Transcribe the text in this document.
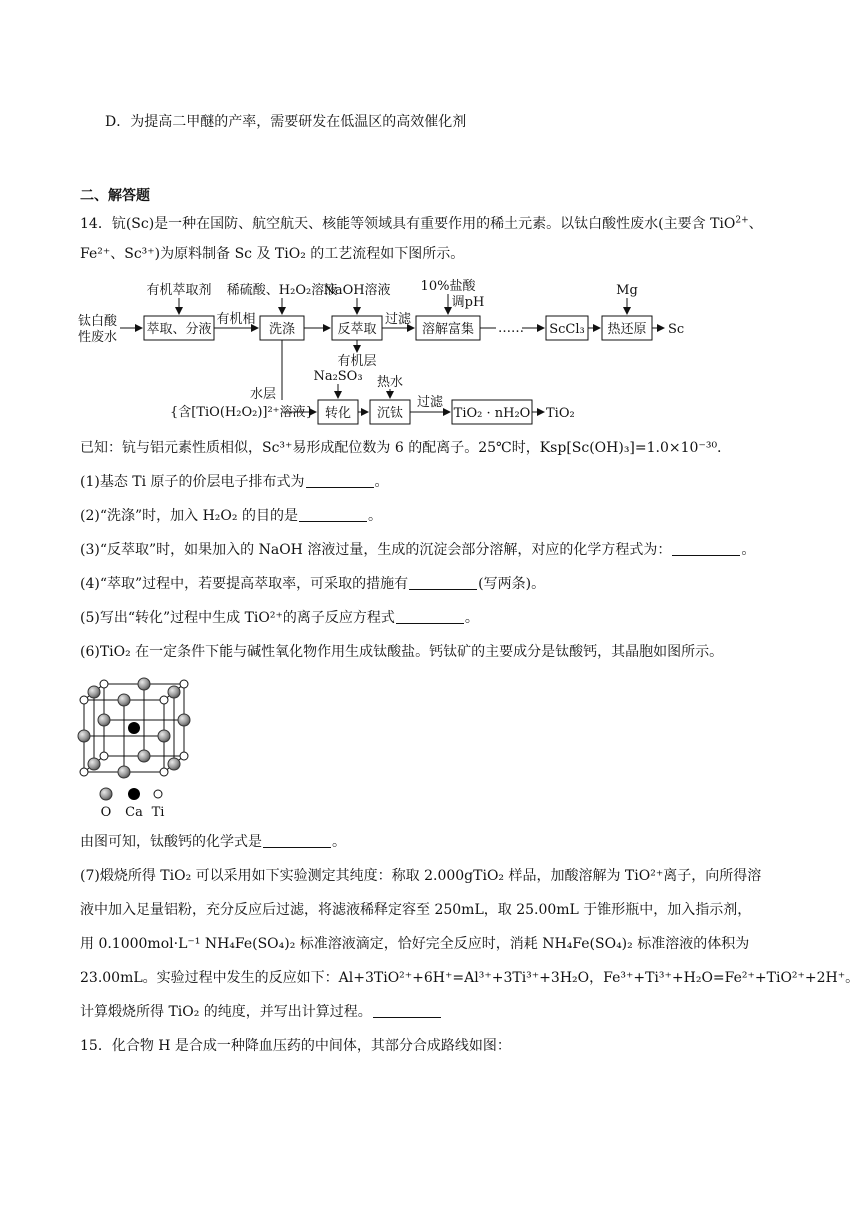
D．为提高二甲醚的产率，需要研发在低温区的高效催化剂
二、解答题
14．钪(Sc)是一种在国防、航空航天、核能等领域具有重要作用的稀土元素。以钛白酸性废水(主要含 TiO$^{2+}$、
Fe²⁺、Sc³⁺)为原料制备 Sc 及 TiO₂ 的工艺流程如下图所示。
钛白酸
性废水
萃取、分液
有机萃取剂
有机相
洗涤
稀硫酸、H₂O₂溶液
反萃取
NaOH溶液
有机层
过滤
溶解富集
10%盐酸
调pH
…… ScCl₃ 热还原
Mg
Sc
水层
{含[TiO(H₂O₂)]²⁺溶液} 转化
Na₂SO₃
沉钛
热水
过滤
TiO₂ · nH₂O TiO₂
已知：钪与铝元素性质相似，Sc³⁺易形成配位数为 6 的配离子。25℃时，Ksp[Sc(OH)₃]=1.0×10⁻³⁰.
(1)基态 Ti 原子的价层电子排布式为	。
(2)“洗涤”时，加入 H₂O₂ 的目的是	。
(3)“反萃取”时，如果加入的 NaOH 溶液过量，生成的沉淀会部分溶解，对应的化学方程式为：	。
(4)“萃取”过程中，若要提高萃取率，可采取的措施有	(写两条)。
(5)写出“转化”过程中生成 TiO²⁺的离子反应方程式	。
(6)TiO₂ 在一定条件下能与碱性氧化物作用生成钛酸盐。钙钛矿的主要成分是钛酸钙，其晶胞如图所示。
O Ca Ti
由图可知，钛酸钙的化学式是	。
(7)煅烧所得 TiO₂ 可以采用如下实验测定其纯度：称取 2.000gTiO₂ 样品，加酸溶解为 TiO²⁺离子，向所得溶
液中加入足量铝粉，充分反应后过滤，将滤液稀释定容至 250mL，取 25.00mL 于锥形瓶中，加入指示剂，
用 0.1000mol·L⁻¹ NH₄Fe(SO₄)₂ 标准溶液滴定，恰好完全反应时，消耗 NH₄Fe(SO₄)₂ 标准溶液的体积为
23.00mL。实验过程中发生的反应如下：Al+3TiO²⁺+6H⁺=Al³⁺+3Ti³⁺+3H₂O，Fe³⁺+Ti³⁺+H₂O=Fe²⁺+TiO²⁺+2H⁺。
计算煅烧所得 TiO₂ 的纯度，并写出计算过程。
15．化合物 H 是合成一种降血压药的中间体，其部分合成路线如图：
